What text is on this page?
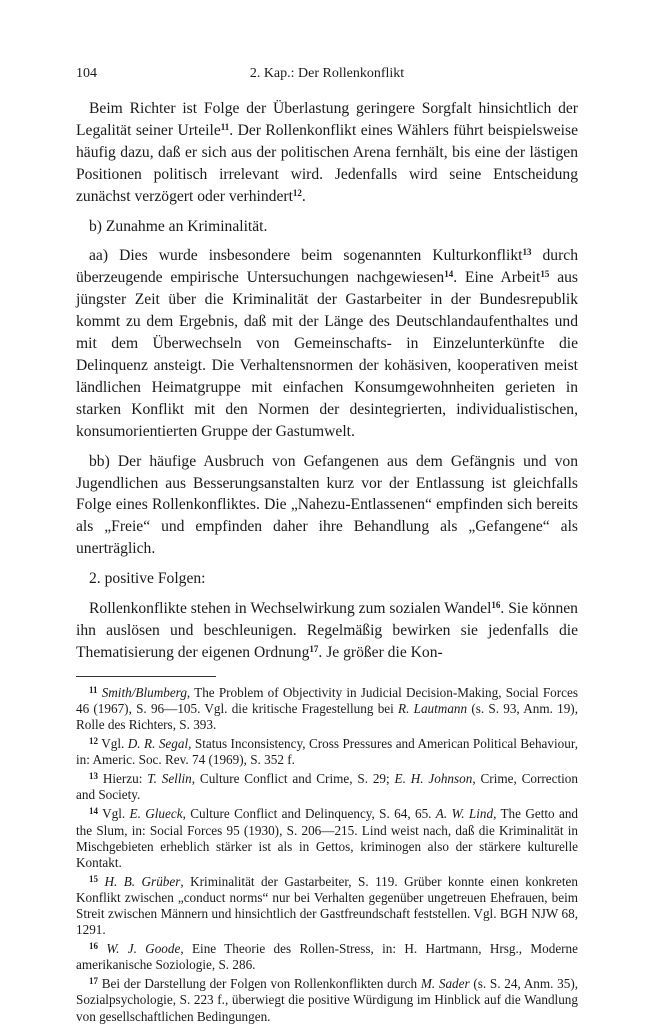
104	2. Kap.: Der Rollenkonflikt

Beim Richter ist Folge der Überlastung geringere Sorgfalt hinsichtlich der Legalität seiner Urteile$^{11}$. Der Rollenkonflikt eines Wählers führt beispielsweise häufig dazu, daß er sich aus der politischen Arena fernhält, bis eine der lästigen Positionen politisch irrelevant wird. Jedenfalls wird seine Entscheidung zunächst verzögert oder verhindert$^{12}$.

b) Zunahme an Kriminalität.

aa) Dies wurde insbesondere beim sogenannten Kulturkonflikt$^{13}$ durch überzeugende empirische Untersuchungen nachgewiesen$^{14}$. Eine Arbeit$^{15}$ aus jüngster Zeit über die Kriminalität der Gastarbeiter in der Bundesrepublik kommt zu dem Ergebnis, daß mit der Länge des Deutschlandaufenthaltes und mit dem Überwechseln von Gemeinschafts- in Einzelunterkünfte die Delinquenz ansteigt. Die Verhaltensnormen der kohäsiven, kooperativen meist ländlichen Heimatgruppe mit einfachen Konsumgewohnheiten gerieten in starken Konflikt mit den Normen der desintegrierten, individualistischen, konsumorientierten Gruppe der Gastumwelt.

bb) Der häufige Ausbruch von Gefangenen aus dem Gefängnis und von Jugendlichen aus Besserungsanstalten kurz vor der Entlassung ist gleichfalls Folge eines Rollenkonfliktes. Die „Nahezu-Entlassenen“ empfinden sich bereits als „Freie“ und empfinden daher ihre Behandlung als „Gefangene“ als unerträglich.

2. positive Folgen:

Rollenkonflikte stehen in Wechselwirkung zum sozialen Wandel$^{16}$. Sie können ihn auslösen und beschleunigen. Regelmäßig bewirken sie jedenfalls die Thematisierung der eigenen Ordnung$^{17}$. Je größer die Kon-

$^{11}$ Smith/Blumberg, The Problem of Objectivity in Judicial Decision-Making, Social Forces 46 (1967), S. 96—105. Vgl. die kritische Fragestellung bei R. Lautmann (s. S. 93, Anm. 19), Rolle des Richters, S. 393.

$^{12}$ Vgl. D. R. Segal, Status Inconsistency, Cross Pressures and American Political Behaviour, in: Americ. Soc. Rev. 74 (1969), S. 352 f.

$^{13}$ Hierzu: T. Sellin, Culture Conflict and Crime, S. 29; E. H. Johnson, Crime, Correction and Society.

$^{14}$ Vgl. E. Glueck, Culture Conflict and Delinquency, S. 64, 65. A. W. Lind, The Getto and the Slum, in: Social Forces 95 (1930), S. 206—215. Lind weist nach, daß die Kriminalität in Mischgebieten erheblich stärker ist als in Gettos, kriminogen also der stärkere kulturelle Kontakt.

$^{15}$ H. B. Grüber, Kriminalität der Gastarbeiter, S. 119. Grüber konnte einen konkreten Konflikt zwischen „conduct norms“ nur bei Verhalten gegenüber ungetreuen Ehefrauen, beim Streit zwischen Männern und hinsichtlich der Gastfreundschaft feststellen. Vgl. BGH NJW 68, 1291.

$^{16}$ W. J. Goode, Eine Theorie des Rollen-Stress, in: H. Hartmann, Hrsg., Moderne amerikanische Soziologie, S. 286.

$^{17}$ Bei der Darstellung der Folgen von Rollenkonflikten durch M. Sader (s. S. 24, Anm. 35), Sozialpsychologie, S. 223 f., überwiegt die positive Würdigung im Hinblick auf die Wandlung von gesellschaftlichen Bedingungen.
